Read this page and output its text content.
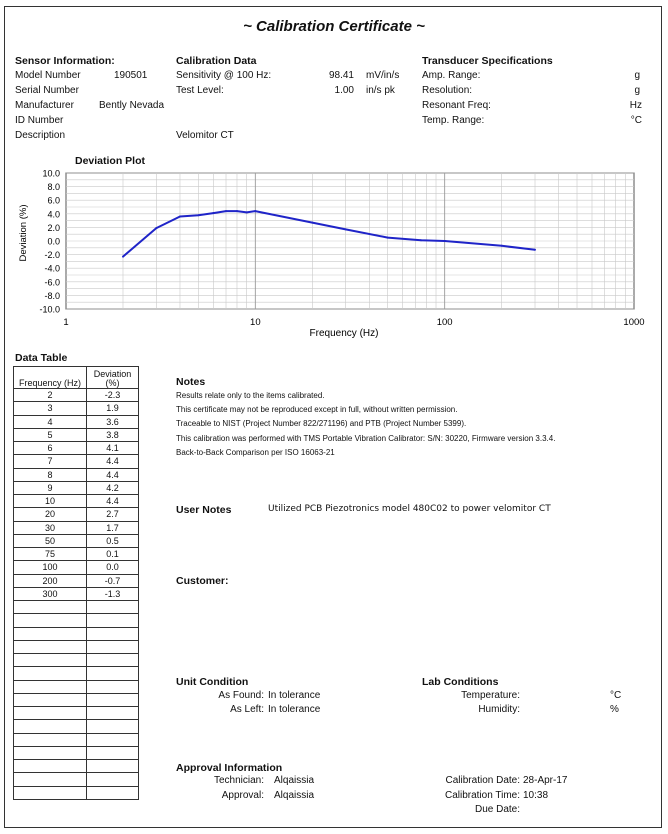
~ Calibration Certificate ~
Sensor Information:
Model Number	190501
Serial Number
Manufacturer	Bently Nevada
ID Number
Description	Velomitor CT
Calibration Data
Sensitivity @ 100 Hz:	98.41 mV/in/s
Test Level:	1.00 in/s pk
Transducer Specifications
Amp. Range:	g
Resolution:	g
Resonant Freq:	Hz
Temp. Range:	°C
Deviation Plot
10.0
8.0
6.0
4.0
2.0
0.0
-2.0
-4.0
-6.0
-8.0
-10.0
1	10	100	1000
Frequency (Hz)
Deviation (%)
Data Table
Frequency (Hz)	Deviation
(%)
2	-2.3
3	1.9
4	3.6
5	3.8
6	4.1
7	4.4
8	4.4
9	4.2
10	4.4
20	2.7
30	1.7
50	0.5
75	0.1
100	0.0
200	-0.7
300	-1.3

Notes
Results relate only to the items calibrated.
This certificate may not be reproduced except in full, without written permission.
Traceable to NIST (Project Number 822/271196) and PTB (Project Number 5399).
This calibration was performed with TMS Portable Vibration Calibrator: S/N: 30220, Firmware version 3.3.4.
Back-to-Back Comparison per ISO 16063-21
User Notes	Utilized PCB Piezotronics model 480C02 to power velomitor CT
Customer:
Unit Condition
As Found: In tolerance
As Left: In tolerance
Lab Conditions
Temperature:	°C
Humidity:	%
Approval Information
Technician: Alqaissia
Approval: Alqaissia
Calibration Date: 28-Apr-17
Calibration Time: 10:38
Due Date:
